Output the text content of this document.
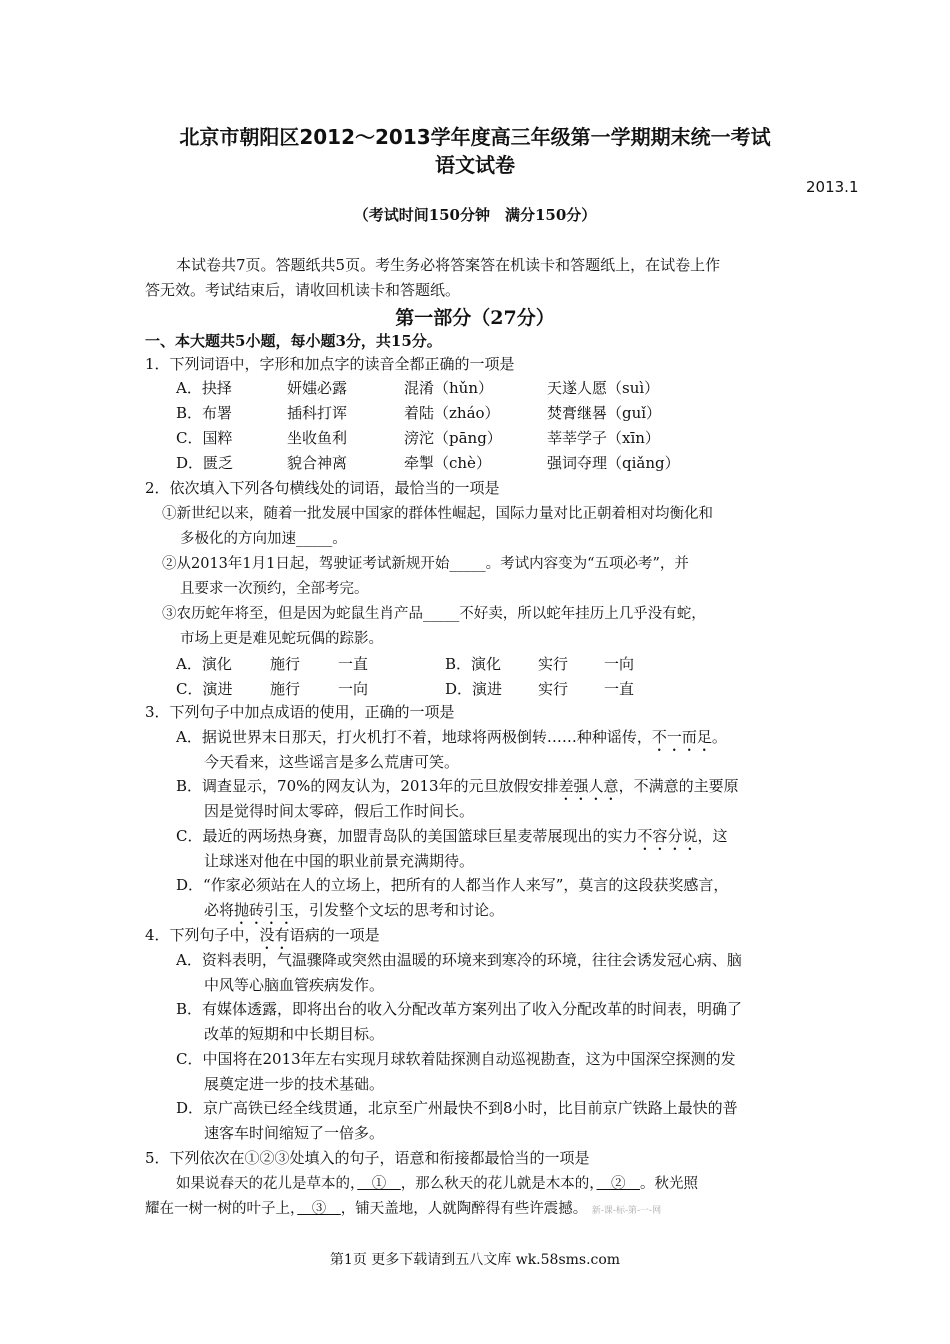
北京市朝阳区2012～2013学年度高三年级第一学期期末统一考试
语文试卷
2013.1
（考试时间150分钟　满分150分）
本试卷共7页。答题纸共5页。考生务必将答案答在机读卡和答题纸上，在试卷上作
答无效。考试结束后，请收回机读卡和答题纸。
第一部分（27分）
一、本大题共5小题，每小题3分，共15分。
1．下列词语中，字形和加点字的读音全都正确的一项是
A．抉择	妍媸必露	混淆（hǔn）	天遂人愿（suì）
B．布署	插科打诨	着陆（zháo）	焚膏继晷（guǐ）
C．国粹	坐收鱼利	滂沱（pāng）	莘莘学子（xīn）
D．匮乏	貌合神离	牵掣（chè）	强词夺理（qiǎng）
2．依次填入下列各句横线处的词语，最恰当的一项是
①新世纪以来，随着一批发展中国家的群体性崛起，国际力量对比正朝着相对均衡化和
多极化的方向加速_____。
②从2013年1月1日起，驾驶证考试新规开始_____。考试内容变为“五项必考”，并
且要求一次预约，全部考完。
③农历蛇年将至，但是因为蛇鼠生肖产品_____不好卖，所以蛇年挂历上几乎没有蛇，
市场上更是难见蛇玩偶的踪影。
A．演化	施行	一直	B．演化 实行 一向
C．演进	施行	一向	D．演进 实行 一直
3．下列句子中加点成语的使用，正确的一项是
A．据说世界末日那天，打火机打不着，地球将两极倒转……种种谣传，不一而足。
今天看来，这些谣言是多么荒唐可笑。
B．调查显示，70%的网友认为，2013年的元旦放假安排差强人意，不满意的主要原
因是觉得时间太零碎，假后工作时间长。
C．最近的两场热身赛，加盟青岛队的美国篮球巨星麦蒂展现出的实力不容分说，这
让球迷对他在中国的职业前景充满期待。
D．“作家必须站在人的立场上，把所有的人都当作人来写”，莫言的这段获奖感言，
必将抛砖引玉，引发整个文坛的思考和讨论。
4．下列句子中，没有语病的一项是
A．资料表明，气温骤降或突然由温暖的环境来到寒冷的环境，往往会诱发冠心病、脑
中风等心脑血管疾病发作。
B．有媒体透露，即将出台的收入分配改革方案列出了收入分配改革的时间表，明确了
改革的短期和中长期目标。
C．中国将在2013年左右实现月球软着陆探测自动巡视勘查，这为中国深空探测的发
展奠定进一步的技术基础。
D．京广高铁已经全线贯通，北京至广州最快不到8小时，比目前京广铁路上最快的普
速客车时间缩短了一倍多。
5．下列依次在①②③处填入的句子，语意和衔接都最恰当的一项是
如果说春天的花儿是草本的，　①　，那么秋天的花儿就是木本的，　②　。秋光照
耀在一树一树的叶子上，　③　，铺天盖地，人就陶醉得有些许震撼。 新-课-标-第-一-网
第1页 更多下载请到五八文库 wk.58sms.com
